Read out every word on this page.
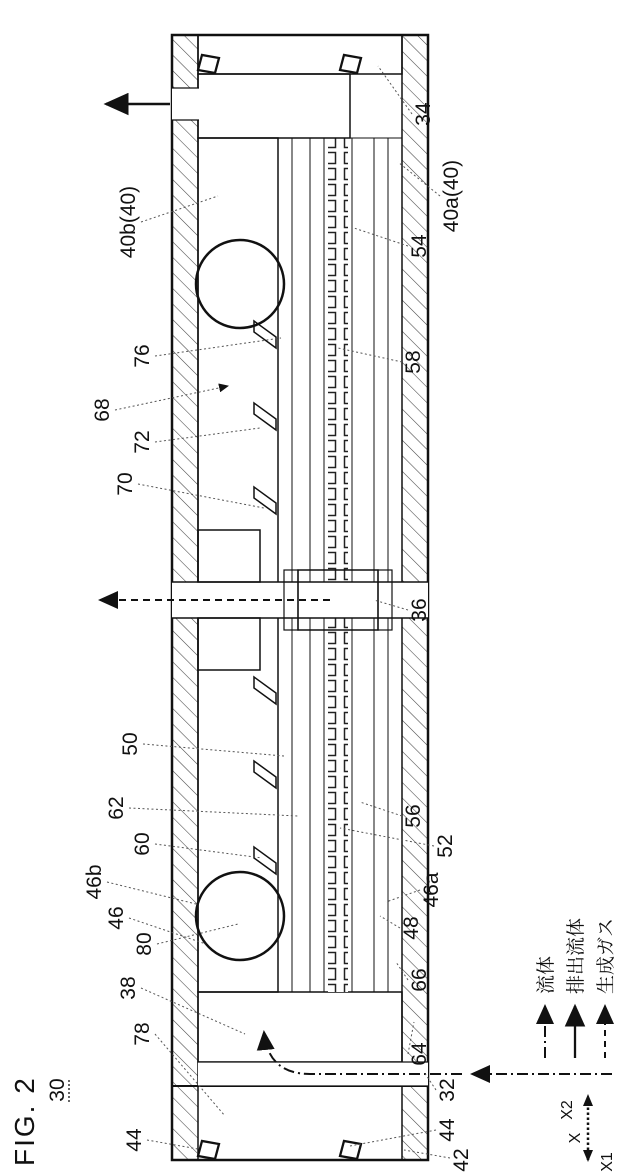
44
78
38
80
46
46b
60
62
50
70
72
68
76
40b(40)
34
40a(40)
54
58
36
56
52
46a
48
66
64
32
44
42
FIG. 2 30
流体 排出流体 生成ガス
X
X2
X1
